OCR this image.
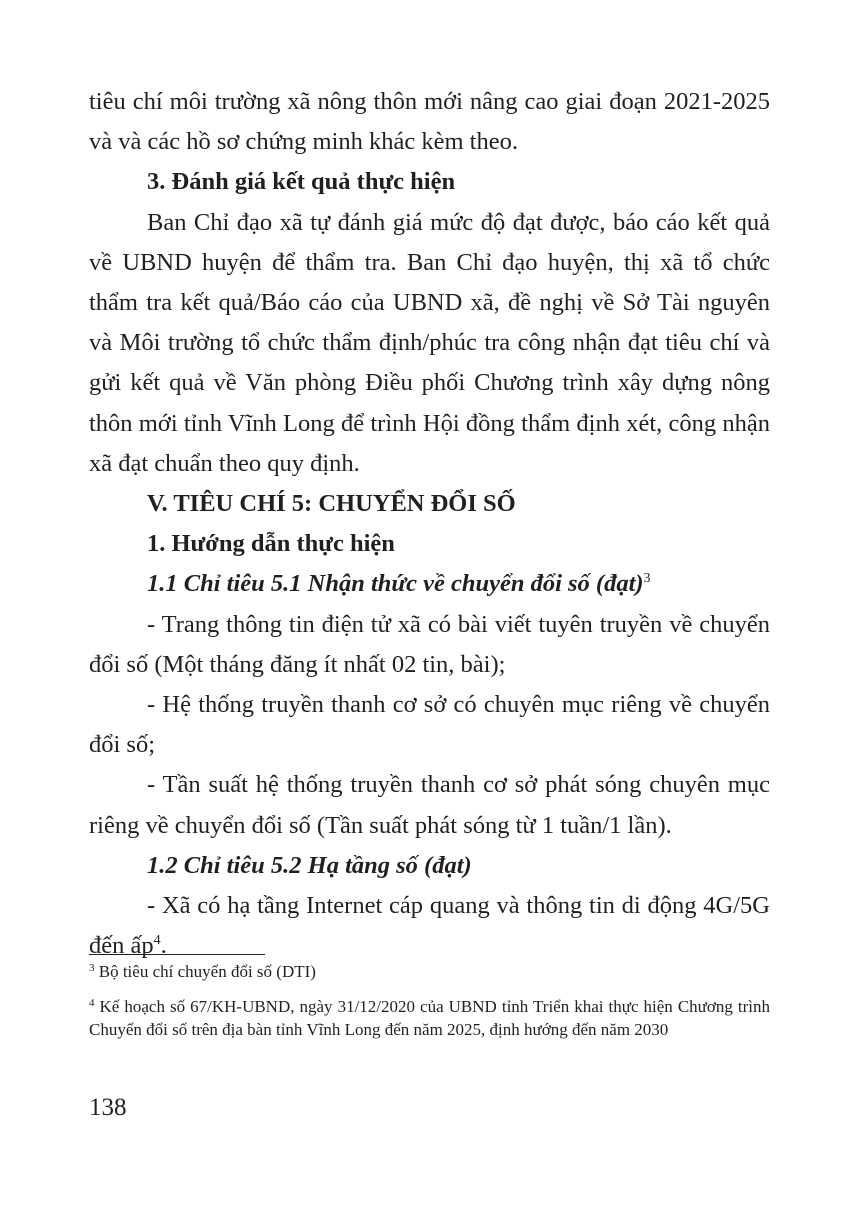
tiêu chí môi trường xã nông thôn mới nâng cao giai đoạn 2021-2025 và và các hồ sơ chứng minh khác kèm theo.

3. Đánh giá kết quả thực hiện

Ban Chỉ đạo xã tự đánh giá mức độ đạt được, báo cáo kết quả về UBND huyện để thẩm tra. Ban Chỉ đạo huyện, thị xã tổ chức thẩm tra kết quả/Báo cáo của UBND xã, đề nghị về Sở Tài nguyên và Môi trường tổ chức thẩm định/phúc tra công nhận đạt tiêu chí và gửi kết quả về Văn phòng Điều phối Chương trình xây dựng nông thôn mới tỉnh Vĩnh Long để trình Hội đồng thẩm định xét, công nhận xã đạt chuẩn theo quy định.

V. TIÊU CHÍ 5: CHUYỂN ĐỔI SỐ

1. Hướng dẫn thực hiện

1.1 Chỉ tiêu 5.1 Nhận thức về chuyển đổi số (đạt)$^3$

- Trang thông tin điện tử xã có bài viết tuyên truyền về chuyển đổi số (Một tháng đăng ít nhất 02 tin, bài);

- Hệ thống truyền thanh cơ sở có chuyên mục riêng về chuyển đổi số;

- Tần suất hệ thống truyền thanh cơ sở phát sóng chuyên mục riêng về chuyển đổi số (Tần suất phát sóng từ 1 tuần/1 lần).

1.2 Chỉ tiêu 5.2 Hạ tầng số (đạt)

- Xã có hạ tầng Internet cáp quang và thông tin di động 4G/5G đến ấp$^4$.

$^3$ Bộ tiêu chí chuyển đổi số (DTI)

$^4$ Kế hoạch số 67/KH-UBND, ngày 31/12/2020 của UBND tỉnh Triển khai thực hiện Chương trình Chuyển đổi số trên địa bàn tỉnh Vĩnh Long đến năm 2025, định hướng đến năm 2030

138
